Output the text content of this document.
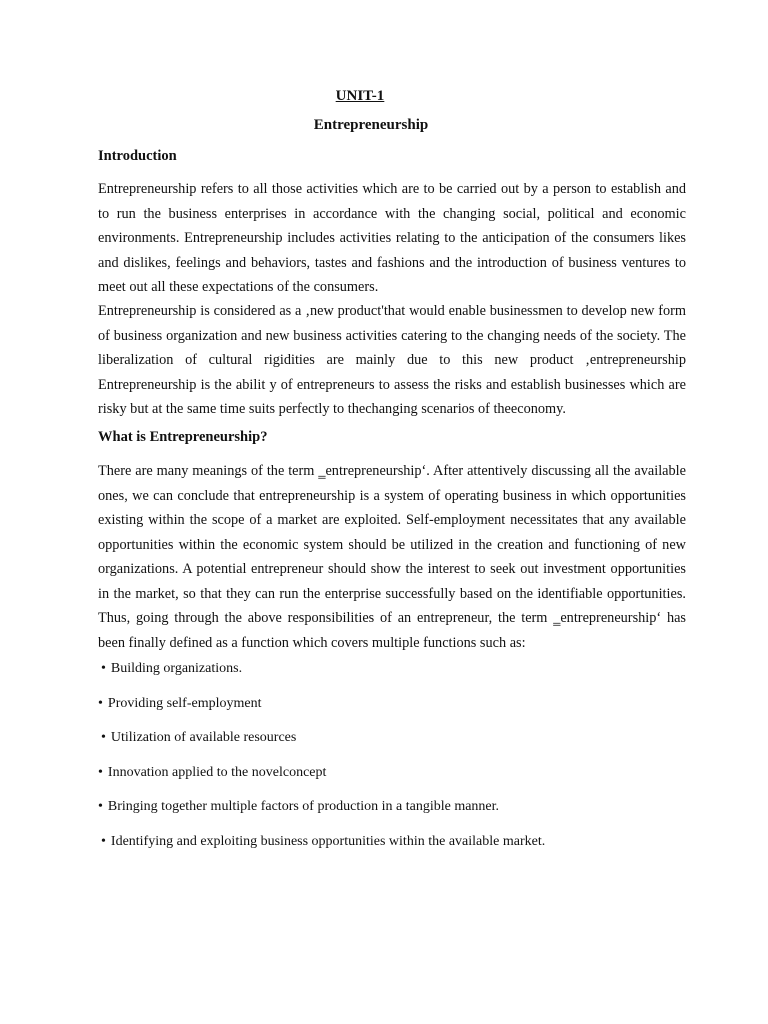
UNIT-1
Entrepreneurship
Introduction

Entrepreneurship refers to all those activities which are to be carried out by a person to establish and to run the business enterprises in accordance with the changing social, political and economic environments. Entrepreneurship includes activities relating to the anticipation of the consumers likes and dislikes, feelings and behaviors, tastes and fashions and the introduction of business ventures to meet out all these expectations of the consumers.

Entrepreneurship is considered as a ‚new product'that would enable businessmen to develop new form of business organization and new business activities catering to the changing needs of the society. The liberalization of cultural rigidities are mainly due to this new product ‚entrepreneurship Entrepreneurship is the abilit y of entrepreneurs to assess the risks and establish businesses which are risky but at the same time suits perfectly to thechanging scenarios of theeconomy.

What is Entrepreneurship?

There are many meanings of the term ‗entrepreneurship‘. After attentively discussing all the available ones, we can conclude that entrepreneurship is a system of operating business in which opportunities existing within the scope of a market are exploited. Self-employment necessitates that any available opportunities within the economic system should be utilized in the creation and functioning of new organizations. A potential entrepreneur should show the interest to seek out investment opportunities in the market, so that they can run the enterprise successfully based on the identifiable opportunities. Thus, going through the above responsibilities of an entrepreneur, the term ‗entrepreneurship‘ has been finally defined as a function which covers multiple functions such as:

• Building organizations.
• Providing self-employment
• Utilization of available resources
• Innovation applied to the novelconcept
• Bringing together multiple factors of production in a tangible manner.
• Identifying and exploiting business opportunities within the available market.
